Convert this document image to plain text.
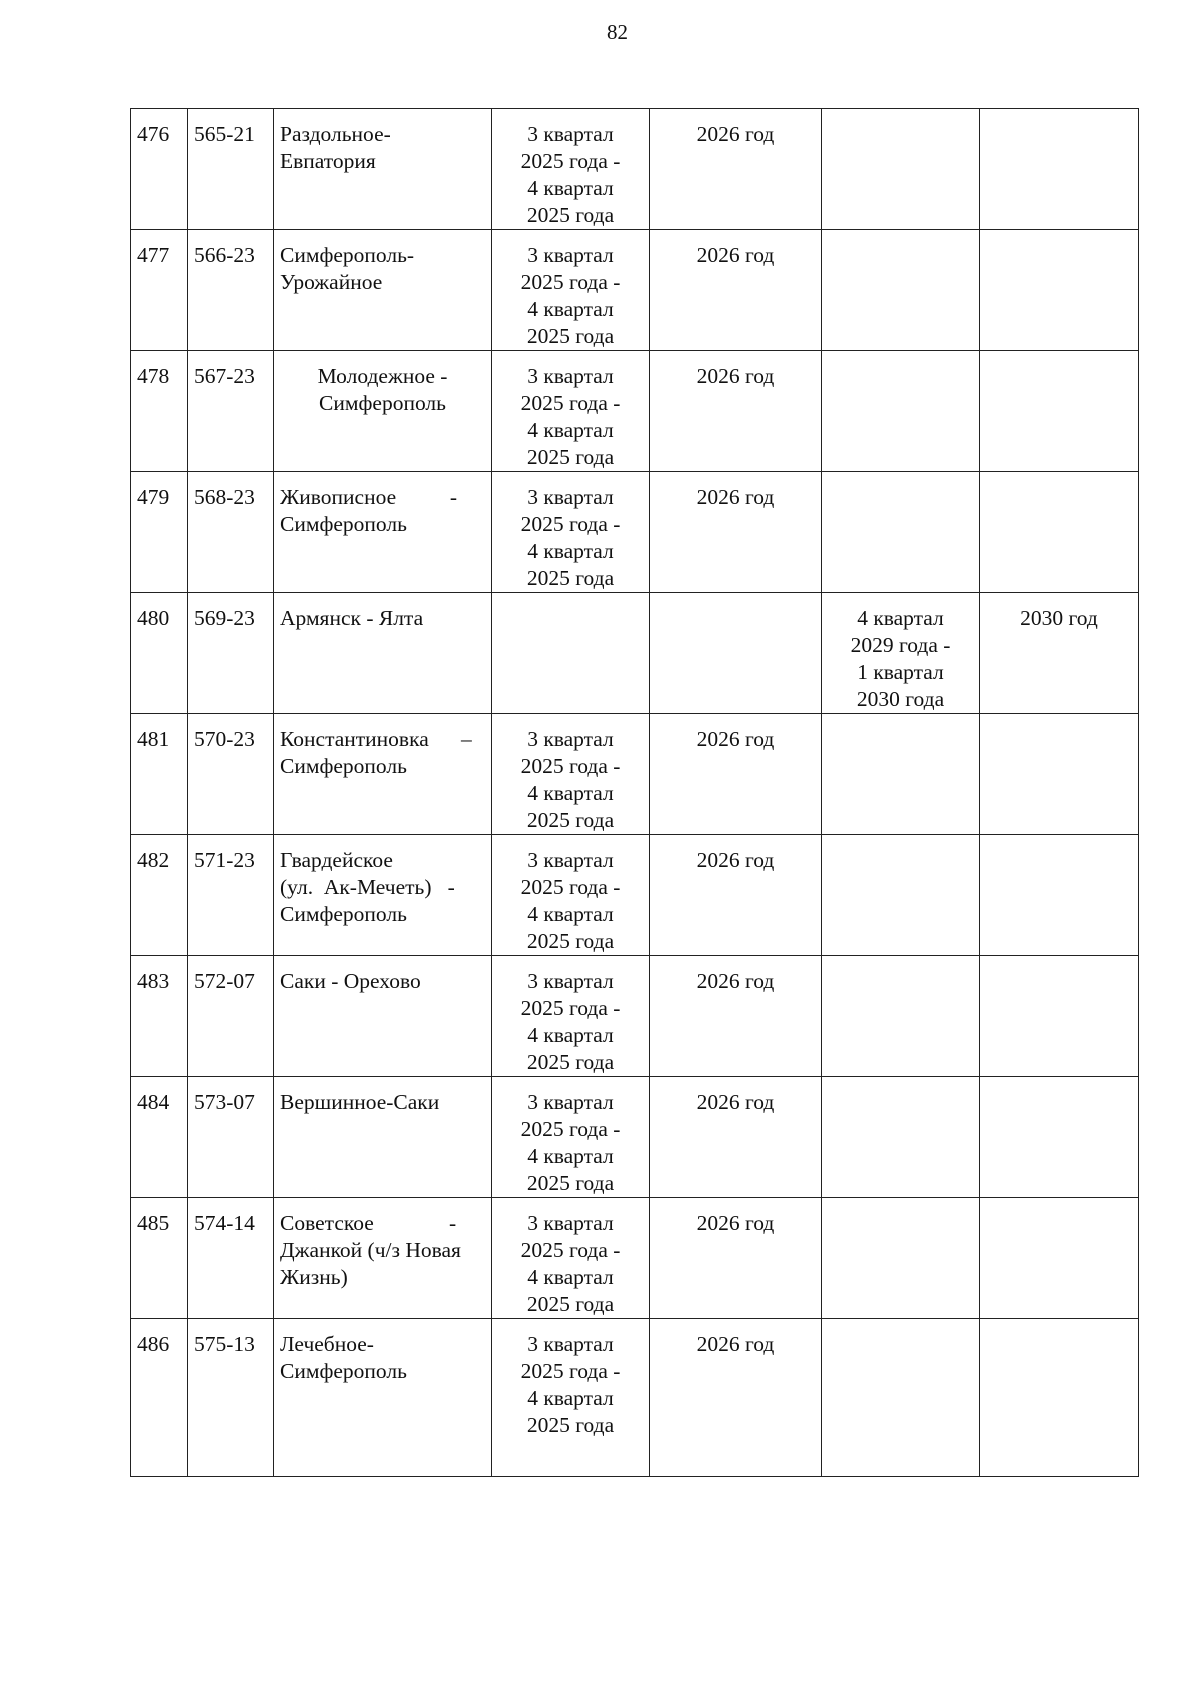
82
476	565-21	Раздольное-
Евпатория	3 квартал
2025 года -
4 квартал
2025 года	2026 год		

477	566-23	Симферополь-
Урожайное	3 квартал
2025 года -
4 квартал
2025 года	2026 год		

478	567-23	Молодежное -
Симферополь	3 квартал
2025 года -
4 квартал
2025 года	2026 год		

479	568-23	Живописное          -
Симферополь	3 квартал
2025 года -
4 квартал
2025 года	2026 год		

480	569-23	Армянск - Ялта			4 квартал
2029 года -
1 квартал
2030 года	2030 год

481	570-23	Константиновка      –
Симферополь	3 квартал
2025 года -
4 квартал
2025 года	2026 год		

482	571-23	Гвардейское
(ул.  Ак-Мечеть)   -
Симферополь	3 квартал
2025 года -
4 квартал
2025 года	2026 год		

483	572-07	Саки - Орехово	3 квартал
2025 года -
4 квартал
2025 года	2026 год		

484	573-07	Вершинное-Саки	3 квартал
2025 года -
4 квартал
2025 года	2026 год		

485	574-14	Советское              -
Джанкой (ч/з Новая
Жизнь)	3 квартал
2025 года -
4 квартал
2025 года	2026 год		

486	575-13	Лечебное-
Симферополь	3 квартал
2025 года -
4 квартал
2025 года	2026 год		
